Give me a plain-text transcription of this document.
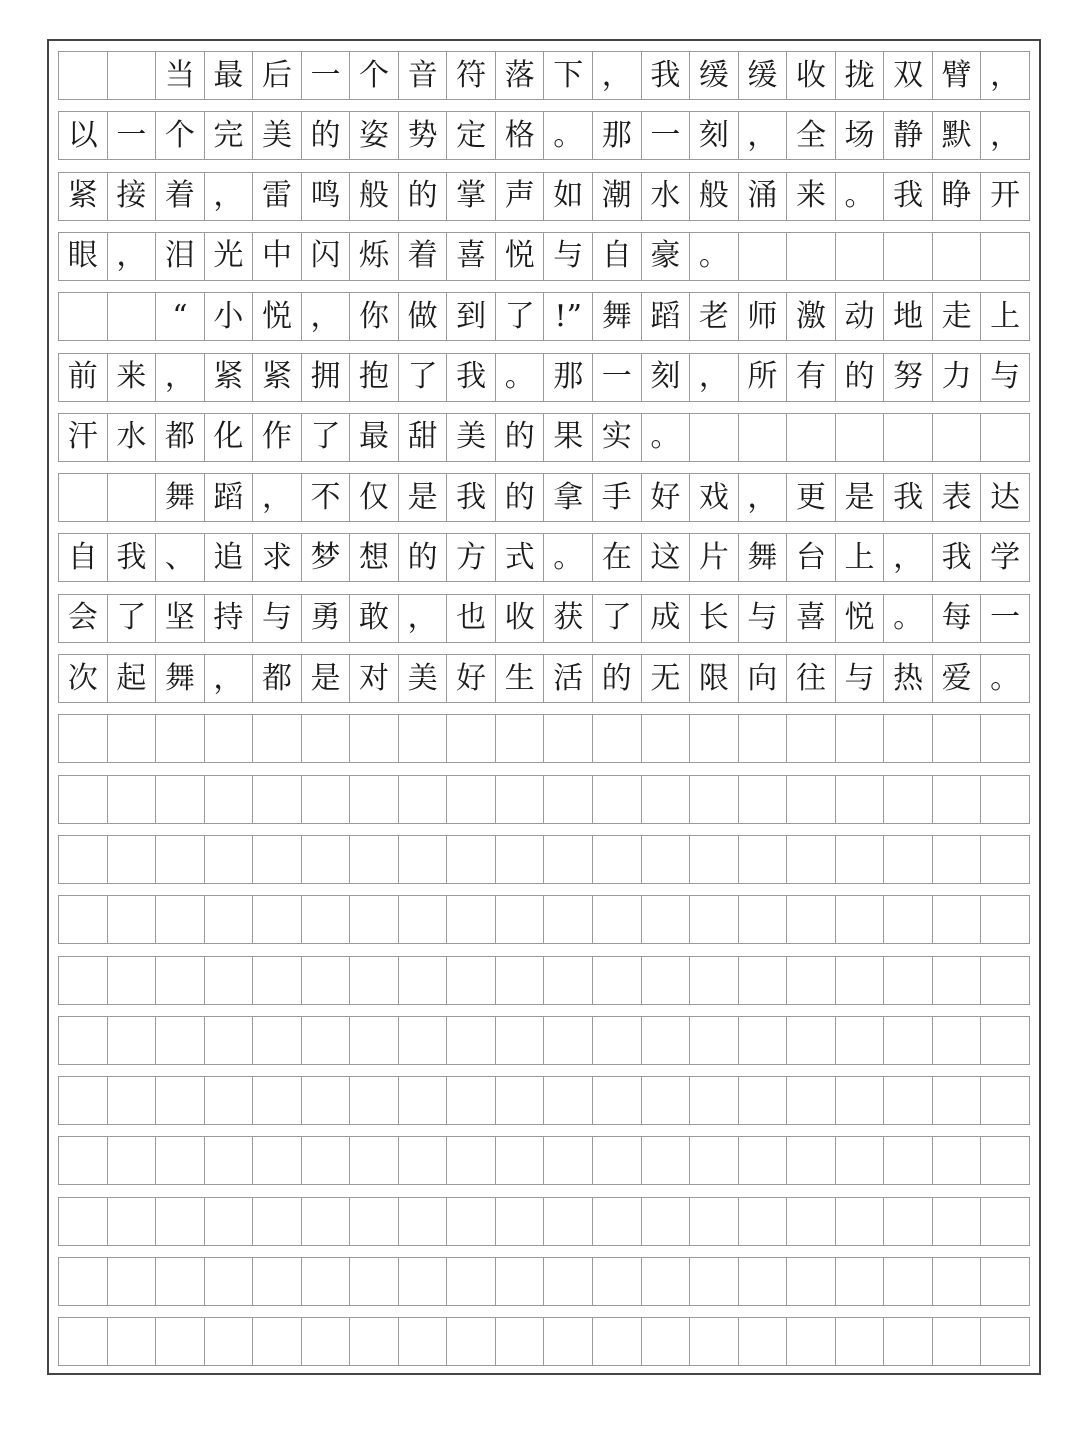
当 最 后 一 个 音 符 落 下 ， 我 缓 缓 收 拢 双 臂 ，
以 一 个 完 美 的 姿 势 定 格 。 那 一 刻 ， 全 场 静 默 ，
紧 接 着 ， 雷 鸣 般 的 掌 声 如 潮 水 般 涌 来 。 我 睁 开
眼 ， 泪 光 中 闪 烁 着 喜 悦 与 自 豪 。
“ 小 悦 ， 你 做 到 了 !” 舞 蹈 老 师 激 动 地 走 上
前 来 ， 紧 紧 拥 抱 了 我 。 那 一 刻 ， 所 有 的 努 力 与
汗 水 都 化 作 了 最 甜 美 的 果 实 。
舞 蹈 ， 不 仅 是 我 的 拿 手 好 戏 ， 更 是 我 表 达
自 我 、 追 求 梦 想 的 方 式 。 在 这 片 舞 台 上 ， 我 学
会 了 坚 持 与 勇 敢 ， 也 收 获 了 成 长 与 喜 悦 。 每 一
次 起 舞 ， 都 是 对 美 好 生 活 的 无 限 向 往 与 热 爱 。
